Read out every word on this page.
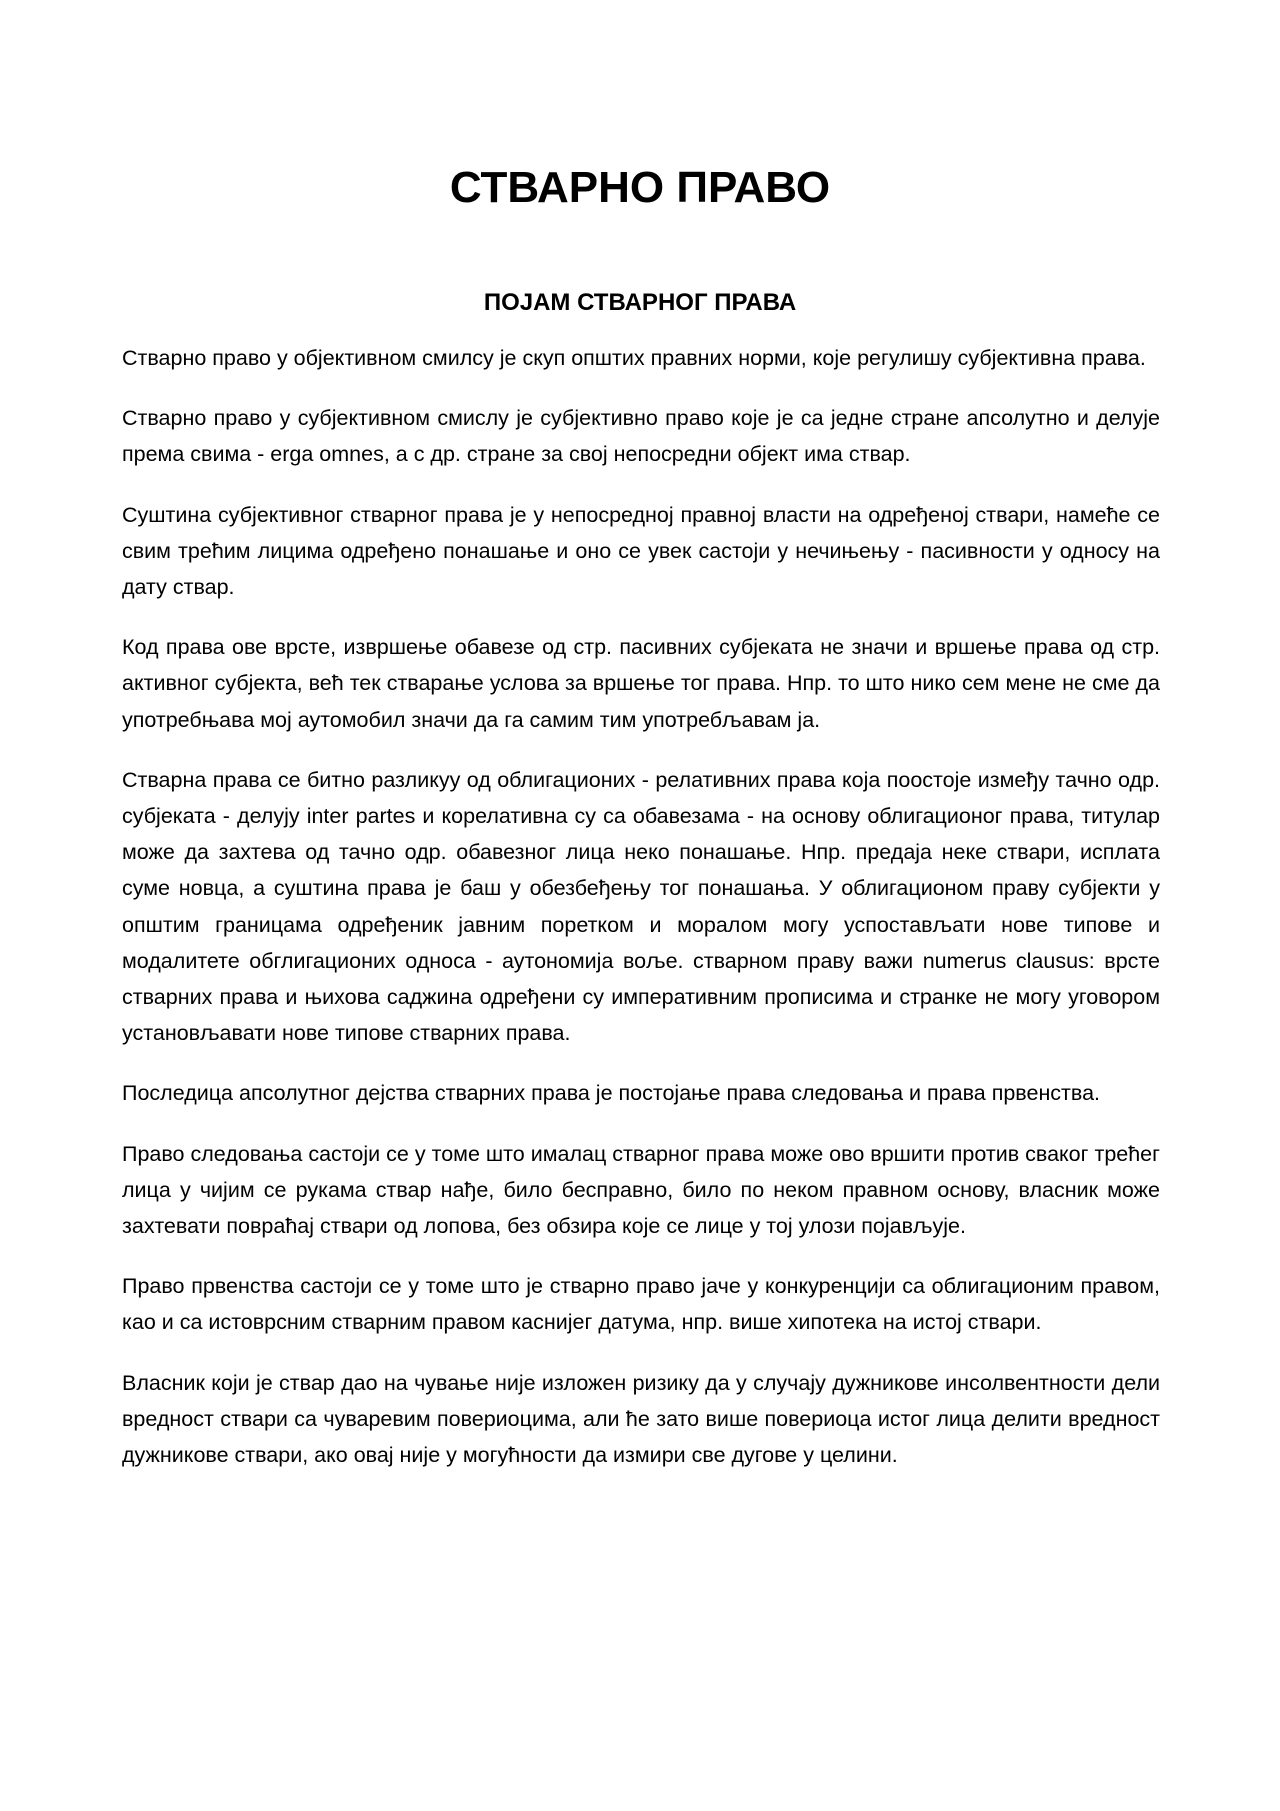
СТВАРНО ПРАВО
ПОЈАМ СТВАРНОГ ПРАВА

Стварно право у објективном смилсу је скуп општих правних норми, које регулишу субјективна права.

Стварно право у субјективном смислу је субјективно право које је са једне стране апсолутно и делује према свима - erga omnes, а с др. стране за свој непосредни објект има ствар.

Суштина субјективног стварног права је у непосредној правној власти на одређеној ствари, намеће се свим трећим лицима одређено понашање и оно се увек састоји у нечињењу - пасивности у односу на дату ствар.

Код права ове врсте, извршење обавезе од стр. пасивних субјеката не значи и вршење права од стр. активног субјекта, већ тек стварање услова за вршење тог права. Нпр. то што нико сем мене не сме да употребњава мој аутомобил значи да га самим тим употребљавам ја.

Стварна права се битно разликуу од облигационих - релативних права која поостоје између тачно одр. субјеката - делују inter partes и корелативна су са обавезама - на основу облигационог права, титулар може да захтева од тачно одр. обавезног лица неко понашање. Нпр. предаја неке ствари, исплата суме новца, а суштина права је баш у обезбеђењу тог понашања. У облигационом праву субјекти у општим границама одређеник јавним поретком и моралом могу успостављати нове типове и модалитете обглигационих односа - аутономија воље. стварном праву важи numerus clausus: врсте стварних права и њихова саджина одређени су императивним прописима и странке не могу уговором установљавати нове типове стварних права.

Последица апсолутног дејства стварних права је постојање права следовања и права првенства.

Право следовања састоји се у томе што ималац стварног права може ово вршити против сваког трећег лица у чијим се рукама ствар нађе, било бесправно, било по неком правном основу, власник може захтевати повраћај ствари од лопова, без обзира које се лице у тој улози појављује.

Право првенства састоји се у томе што је стварно право јаче у конкуренцији са облигационим правом, као и са истоврсним стварним правом каснијег датума, нпр. више хипотека на истој ствари.

Власник који је ствар дао на чување није изложен ризику да у случају дужникове инсолвентности дели вредност ствари са чуваревим повериоцима, али ће зато више повериоца истог лица делити вредност дужникове ствари, ако овај није у могућности да измири све дугове у целини.
